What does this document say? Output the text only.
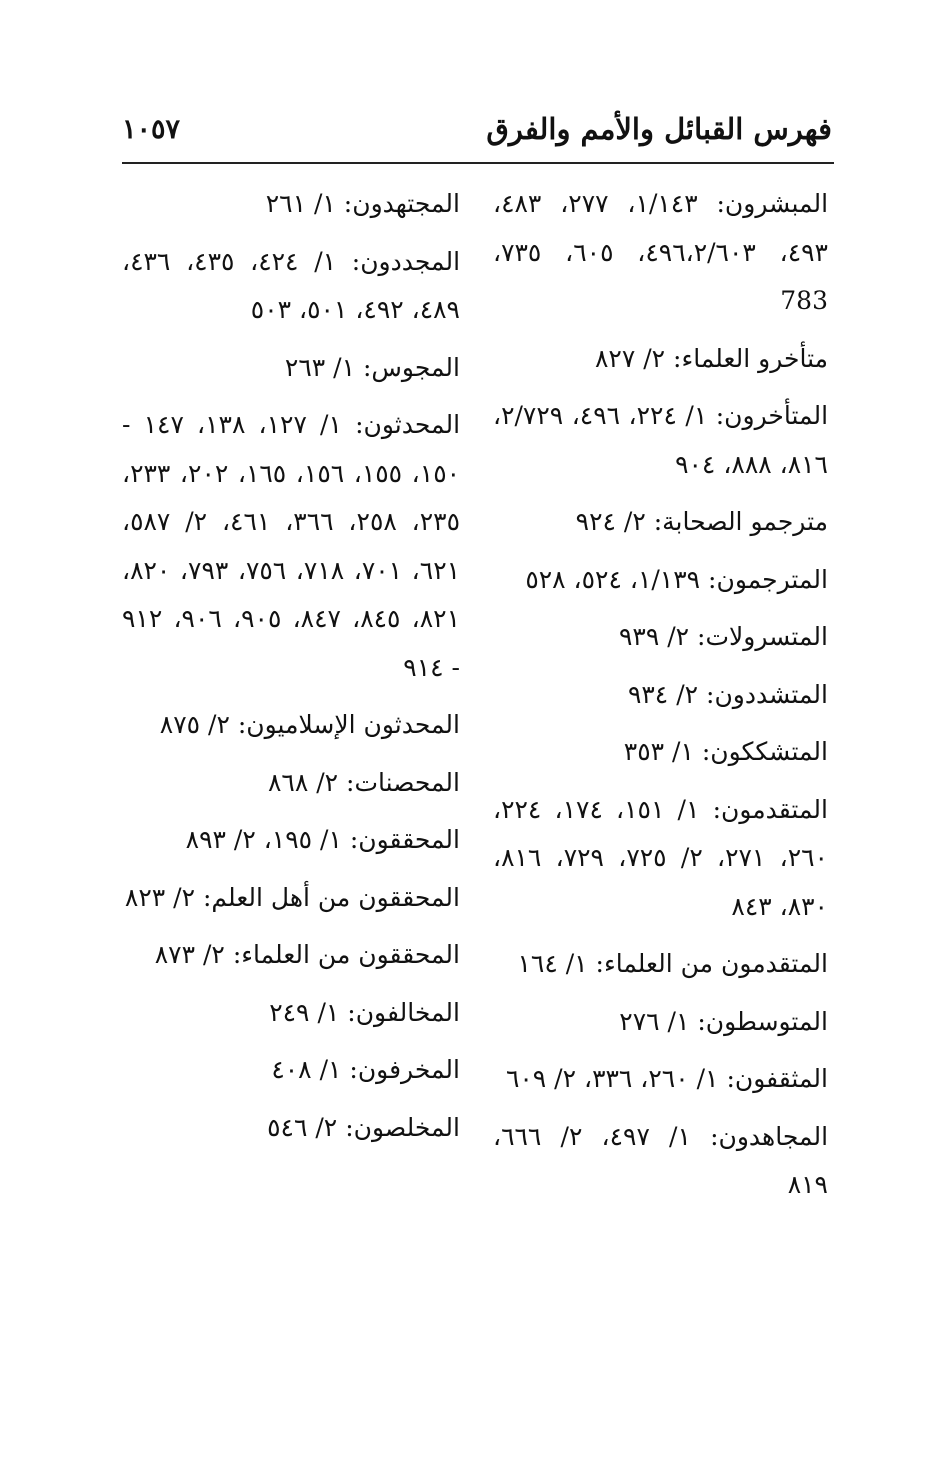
فهرس القبائل والأمم والفرق
١٠٥٧
المبشرون: ١/١٤٣، ٢٧٧، ٤٨٣، ٤٩٣، ٤٩٦،٢/٦٠٣، ٦٠٥، ٧٣٥، 783
متأخرو العلماء: ٢/ ٨٢٧
المتأخرون: ١/ ٢٢٤، ٤٩٦، ٢/٧٢٩، ٨١٦، ٨٨٨، ٩٠٤
مترجمو الصحابة: ٢/ ٩٢٤
المترجمون: ١/١٣٩، ٥٢٤، ٥٢٨
المتسرولات: ٢/ ٩٣٩
المتشددون: ٢/ ٩٣٤
المتشككون: ١/ ٣٥٣
المتقدمون: ١/ ١٥١، ١٧٤، ٢٢٤، ٢٦٠، ٢٧١، ٢/ ٧٢٥، ٧٢٩، ٨١٦، ٨٣٠، ٨٤٣
المتقدمون من العلماء: ١/ ١٦٤
المتوسطون: ١/ ٢٧٦
المثقفون: ١/ ٢٦٠، ٣٣٦، ٢/ ٦٠٩
المجاهدون: ١/ ٤٩٧، ٢/ ٦٦٦، ٨١٩
المجتهدون: ١/ ٢٦١
المجددون: ١/ ٤٢٤، ٤٣٥، ٤٣٦، ٤٨٩، ٤٩٢، ٥٠١، ٥٠٣
المجوس: ١/ ٢٦٣
المحدثون: ١/ ١٢٧، ١٣٨، ١٤٧ - ١٥٠، ١٥٥، ١٥٦، ١٦٥، ٢٠٢، ٢٣٣، ٢٣٥، ٢٥٨، ٣٦٦، ٤٦١، ٢/ ٥٨٧، ٦٢١، ٧٠١، ٧١٨، ٧٥٦، ٧٩٣، ٨٢٠، ٨٢١، ٨٤٥، ٨٤٧، ٩٠٥، ٩٠٦، ٩١٢ - ٩١٤
المحدثون الإسلاميون: ٢/ ٨٧٥
المحصنات: ٢/ ٨٦٨
المحققون: ١/ ١٩٥، ٢/ ٨٩٣
المحققون من أهل العلم: ٢/ ٨٢٣
المحققون من العلماء: ٢/ ٨٧٣
المخالفون: ١/ ٢٤٩
المخرفون: ١/ ٤٠٨
المخلصون: ٢/ ٥٤٦
